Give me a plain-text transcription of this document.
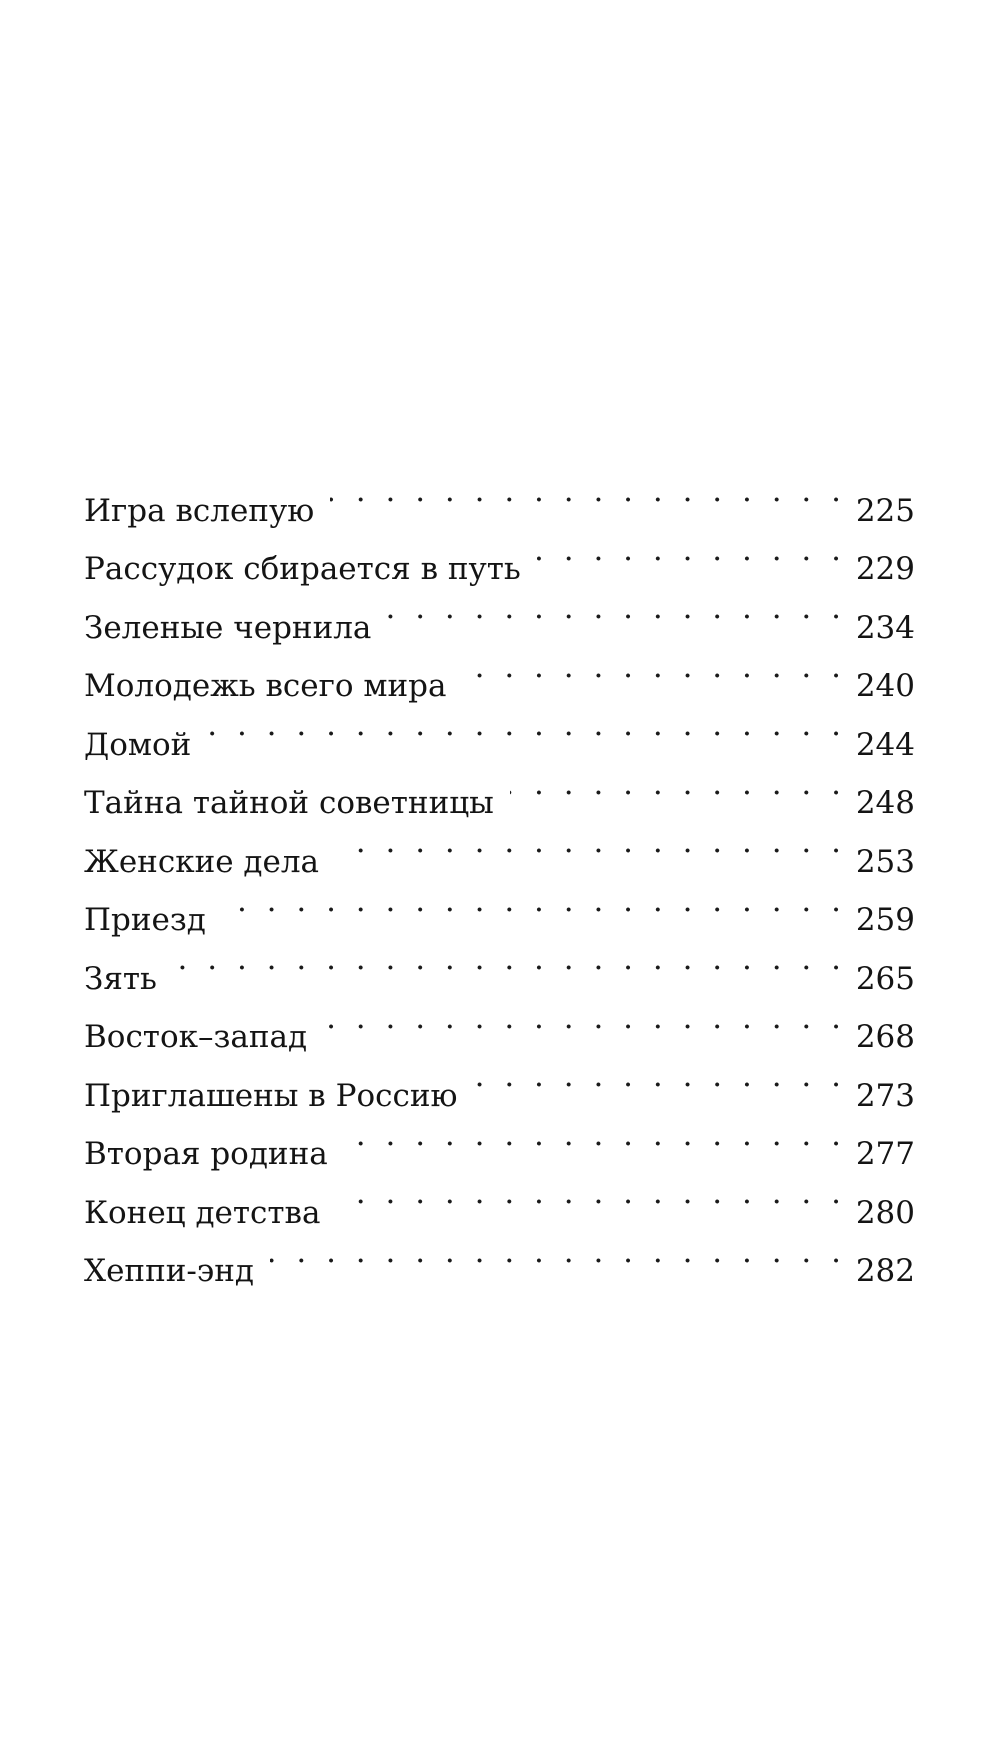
Игра вслепую . . .	225
Рассудок сбирается в путь . . .	229
Зеленые чернила . . .	234
Молодежь всего мира . . .	240
Домой . . .	244
Тайна тайной советницы . . .	248
Женские дела . . .	253
Приезд . . .	259
Зять . . .	265
Восток–запад . . .	268
Приглашены в Россию . . .	273
Вторая родина . . .	277
Конец детства . . .	280
Хеппи-энд . . .	282
